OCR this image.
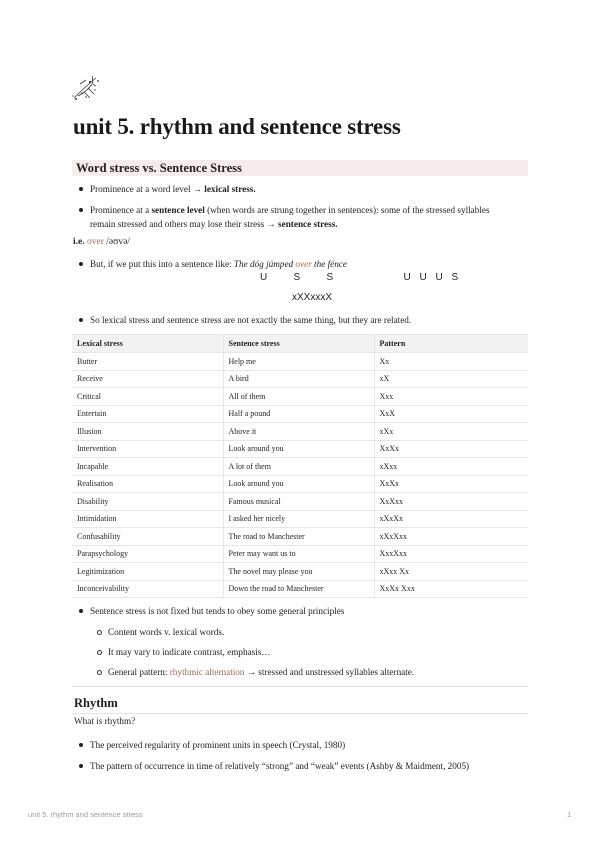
unit 5. rhythm and sentence stress
Word stress vs. Sentence Stress
Prominence at a word level → lexical stress.
Prominence at a sentence level (when words are strung together in sentences): some of the stressed syllables
remain stressed and others may lose their stress → sentence stress.
i.e. over /əʊvə/
But, if we put this into a sentence like: The dóg júmped over the fénce
U   S   S        U U U S
xXXxxxX
So lexical stress and sentence stress are not exactly the same thing, but they are related.
Lexical stress	Sentence stress	Pattern
Butter	Help me	Xx
Receive	A bird	xX
Critical	All of them	Xxx
Entertain	Half a pound	XxX
Illusion	Above it	xXx
Intervention	Look around you	XxXx
Incapable	A lot of them	xXxx
Realisation	Look around you	XxXx
Disability	Famous musical	XxXxx
Intimidation	I asked her nicely	xXxXx
Confusability	The road to Manchester	xXxXxx
Parapsychology	Peter may want us to	XxxXxx
Legitimization	The novel may please you	xXxx Xx
Inconceivability	Down the road to Manchester	XxXx Xxx
Sentence stress is not fixed but tends to obey some general principles
Content words v. lexical words.
It may vary to indicate contrast, emphasis…
General pattern: rhythmic alternation → stressed and unstressed syllables alternate.
Rhythm
What is rhythm?
The perceived regularity of prominent units in speech (Crystal, 1980)
The pattern of occurrence in time of relatively “strong” and “weak” events (Ashby & Maidment, 2005)
unit 5. rhythm and sentence stress	1
